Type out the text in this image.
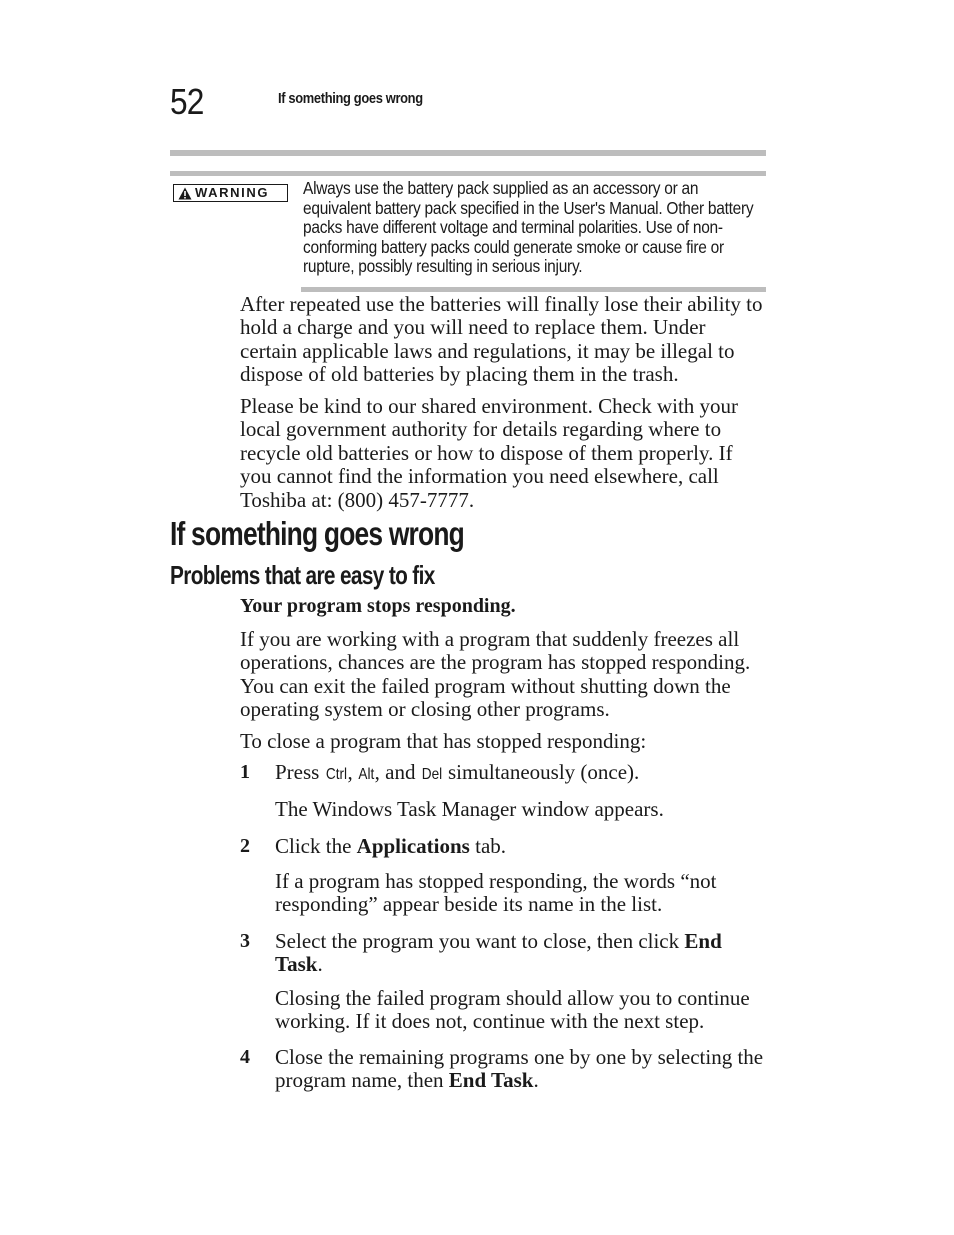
52	If something goes wrong
WARNING Always use the battery pack supplied as an accessory or an equivalent battery pack specified in the User's Manual. Other battery packs have different voltage and terminal polarities. Use of non-conforming battery packs could generate smoke or cause fire or rupture, possibly resulting in serious injury.

After repeated use the batteries will finally lose their ability to hold a charge and you will need to replace them. Under certain applicable laws and regulations, it may be illegal to dispose of old batteries by placing them in the trash.

Please be kind to our shared environment. Check with your local government authority for details regarding where to recycle old batteries or how to dispose of them properly. If you cannot find the information you need elsewhere, call Toshiba at: (800) 457-7777.

If something goes wrong
Problems that are easy to fix
Your program stops responding.

If you are working with a program that suddenly freezes all operations, chances are the program has stopped responding. You can exit the failed program without shutting down the operating system or closing other programs.

To close a program that has stopped responding:

1 Press Ctrl, Alt, and Del simultaneously (once).
The Windows Task Manager window appears.
2 Click the Applications tab.
If a program has stopped responding, the words “not responding” appear beside its name in the list.
3 Select the program you want to close, then click End Task.
Closing the failed program should allow you to continue working. If it does not, continue with the next step.
4 Close the remaining programs one by one by selecting the program name, then End Task.
